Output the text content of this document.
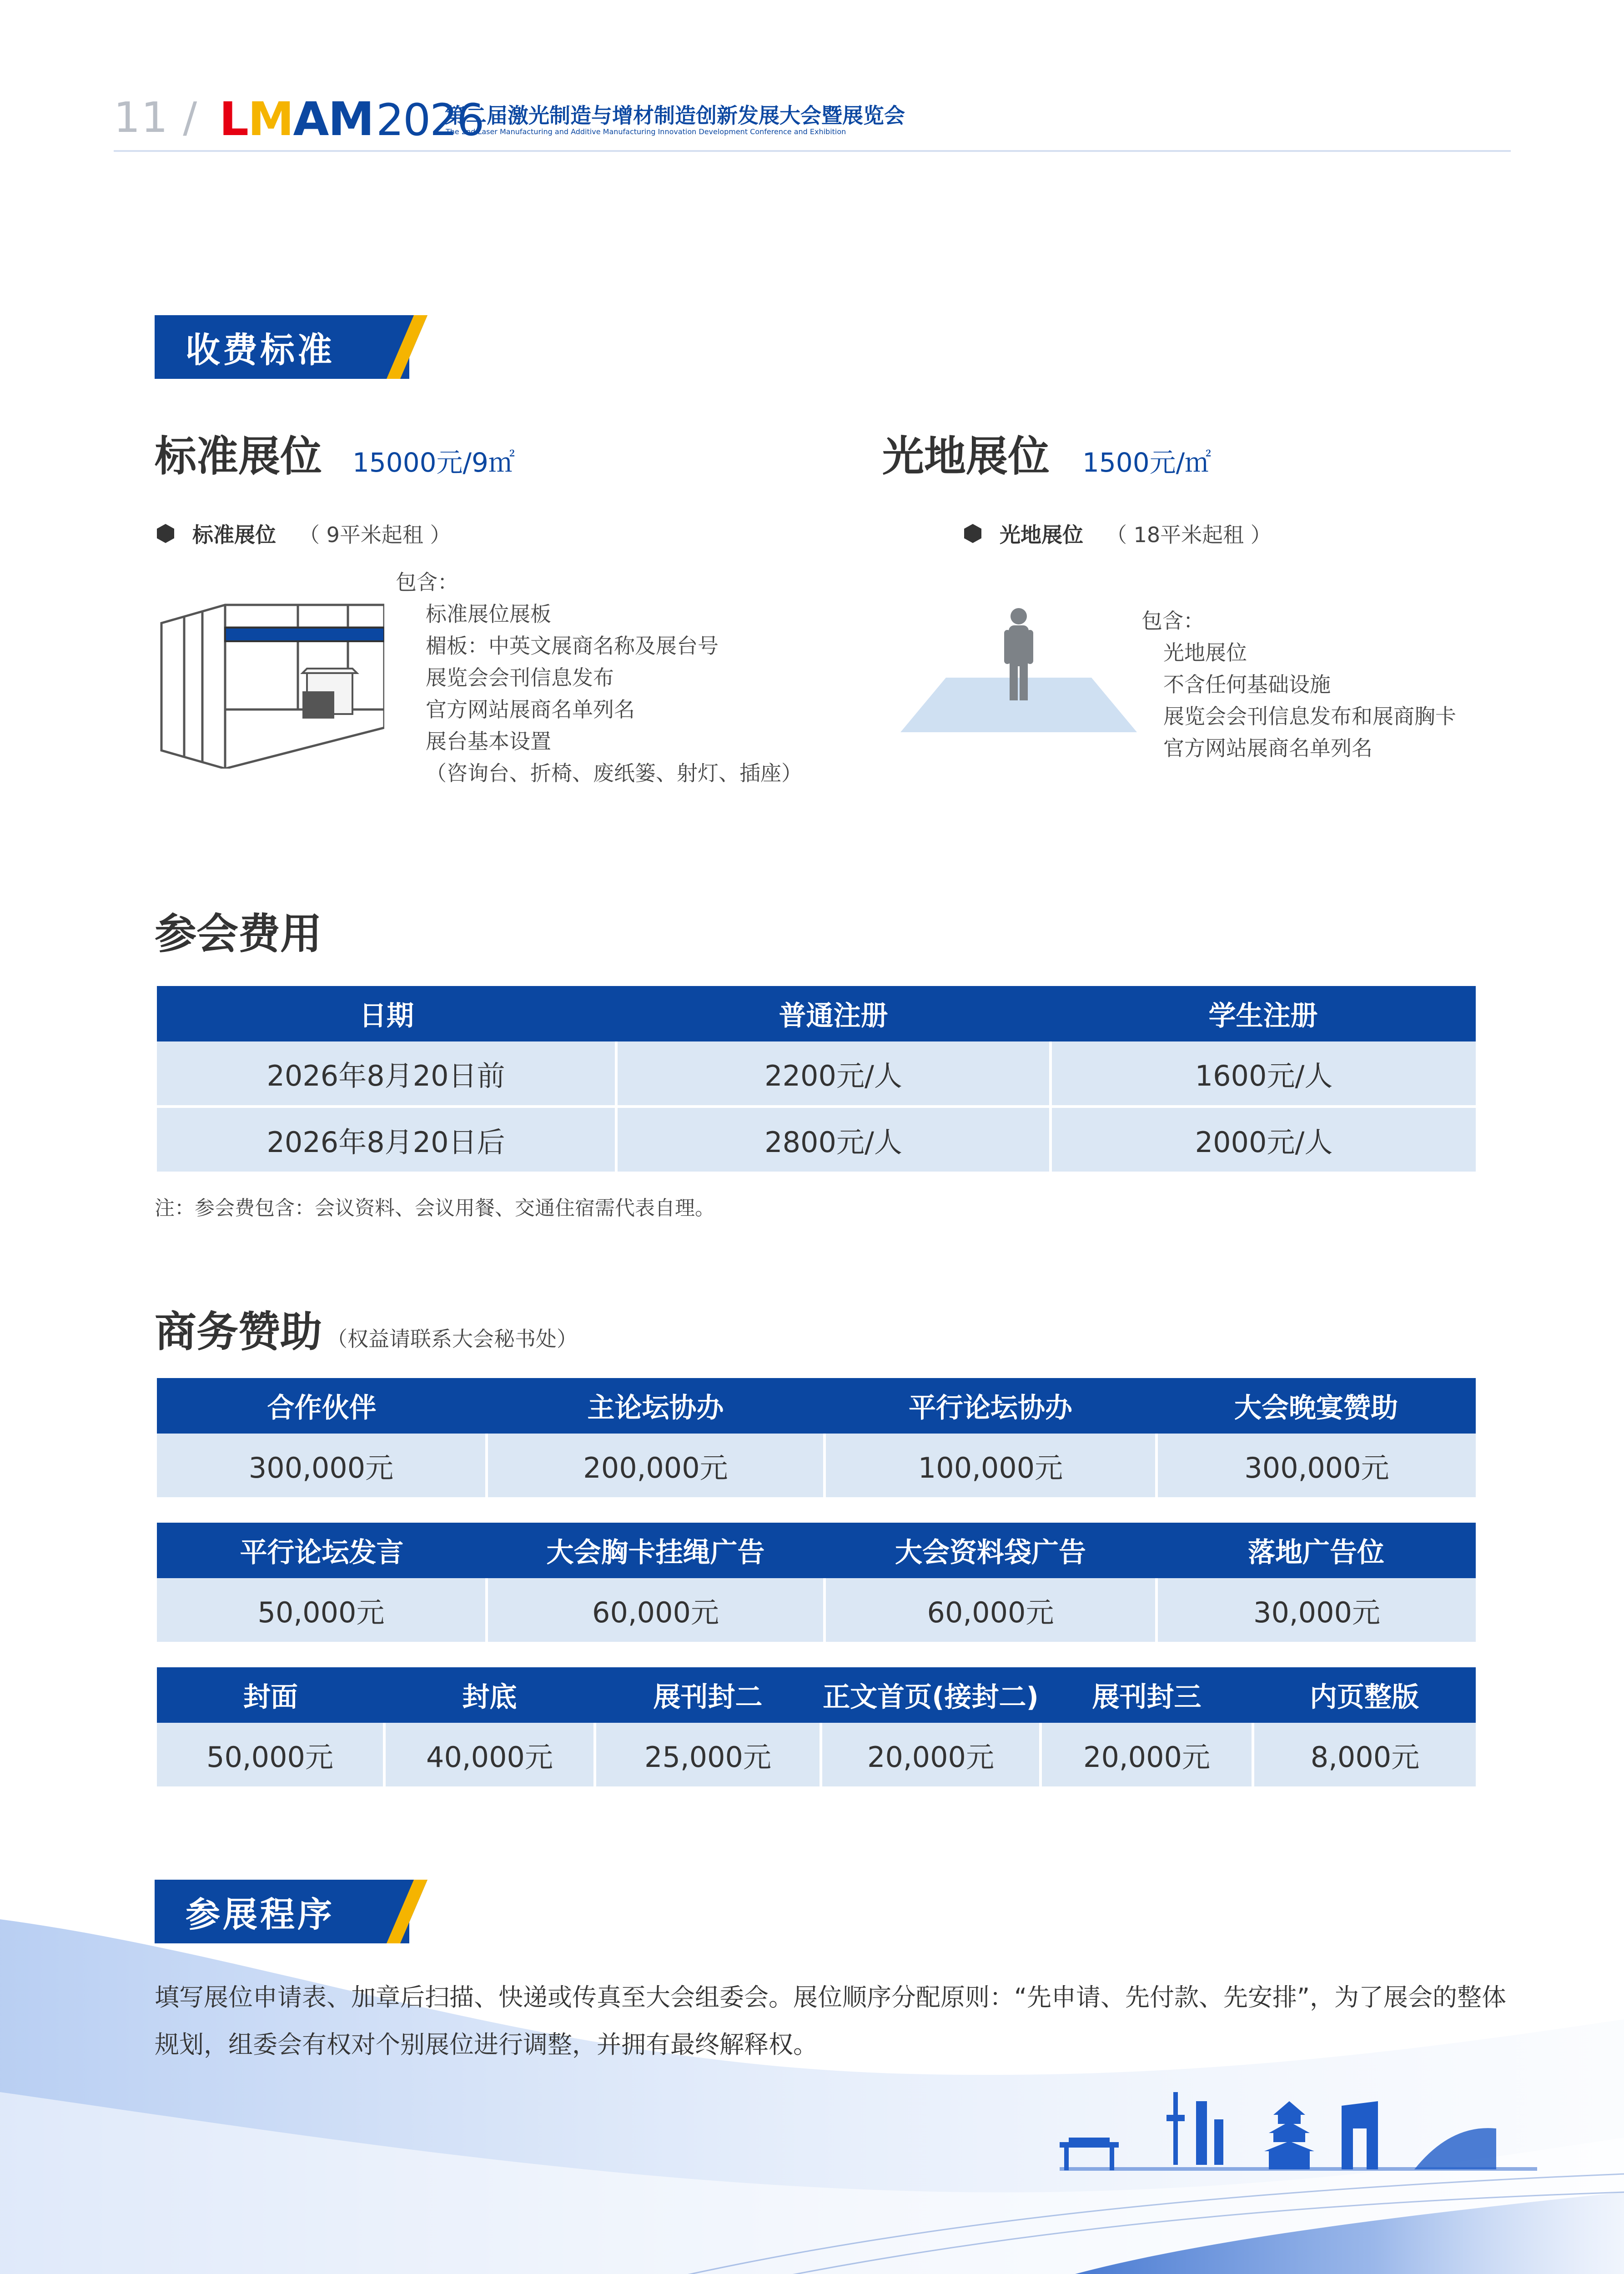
11 / LMAM2026
第二届激光制造与增材制造创新发展大会暨展览会
The 2nd Laser Manufacturing and Additive Manufacturing Innovation Development Conference and Exhibition
收费标准
标准展位 15000元/9㎡
标准展位 （ 9平米起租 ）
包含：
标准展位展板
楣板：中英文展商名称及展台号
展览会会刊信息发布
官方网站展商名单列名
展台基本设置
（咨询台、折椅、废纸篓、射灯、插座）
光地展位 1500元/㎡
光地展位 （ 18平米起租 ）
包含：
光地展位
不含任何基础设施
展览会会刊信息发布和展商胸卡
官方网站展商名单列名
参会费用
日期	普通注册	学生注册
2026年8月20日前	2200元/人	1600元/人
2026年8月20日后	2800元/人	2000元/人
注：参会费包含：会议资料、会议用餐、交通住宿需代表自理。
商务赞助 （权益请联系大会秘书处）
合作伙伴	主论坛协办	平行论坛协办	大会晚宴赞助
300,000元	200,000元	100,000元	300,000元
平行论坛发言	大会胸卡挂绳广告	大会资料袋广告	落地广告位
50,000元	60,000元	60,000元	30,000元
封面	封底	展刊封二	正文首页(接封二)	展刊封三	内页整版
50,000元	40,000元	25,000元	20,000元	20,000元	8,000元
参展程序
填写展位申请表、加章后扫描、快递或传真至大会组委会。展位顺序分配原则：“先申请、先付款、先安排”，为了展会的整体规划，组委会有权对个别展位进行调整，并拥有最终解释权。
